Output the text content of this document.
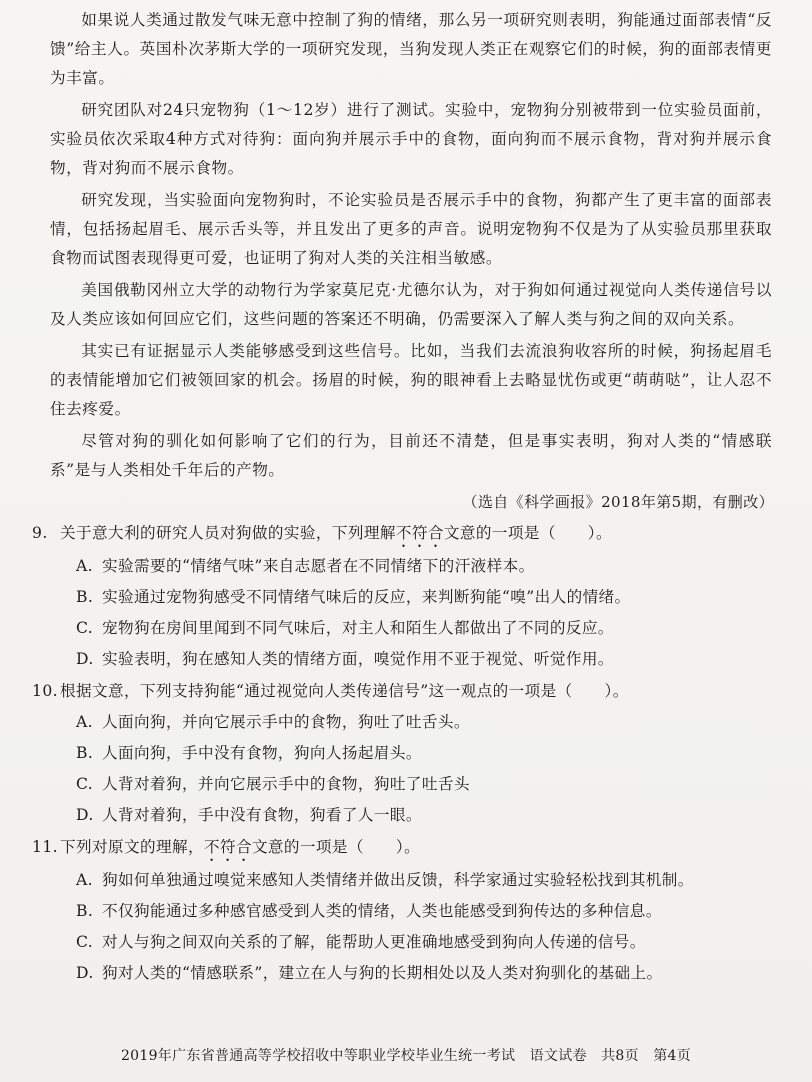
如果说人类通过散发气味无意中控制了狗的情绪，那么另一项研究则表明，狗能通过面部表情“反馈”给主人。英国朴次茅斯大学的一项研究发现，当狗发现人类正在观察它们的时候，狗的面部表情更为丰富。

研究团队对24只宠物狗（1～12岁）进行了测试。实验中，宠物狗分别被带到一位实验员面前，实验员依次采取4种方式对待狗：面向狗并展示手中的食物，面向狗而不展示食物，背对狗并展示食物，背对狗而不展示食物。

研究发现，当实验面向宠物狗时，不论实验员是否展示手中的食物，狗都产生了更丰富的面部表情，包括扬起眉毛、展示舌头等，并且发出了更多的声音。说明宠物狗不仅是为了从实验员那里获取食物而试图表现得更可爱，也证明了狗对人类的关注相当敏感。

美国俄勒冈州立大学的动物行为学家莫尼克·尤德尔认为，对于狗如何通过视觉向人类传递信号以及人类应该如何回应它们，这些问题的答案还不明确，仍需要深入了解人类与狗之间的双向关系。

其实已有证据显示人类能够感受到这些信号。比如，当我们去流浪狗收容所的时候，狗扬起眉毛的表情能增加它们被领回家的机会。扬眉的时候，狗的眼神看上去略显忧伤或更“萌萌哒”，让人忍不住去疼爱。

尽管对狗的驯化如何影响了它们的行为，目前还不清楚，但是事实表明，狗对人类的“情感联系”是与人类相处千年后的产物。

（选自《科学画报》2018年第5期，有删改）
9. 关于意大利的研究人员对狗做的实验，下列理解不符合文意的一项是（　　）。
A. 实验需要的“情绪气味”来自志愿者在不同情绪下的汗液样本。
B. 实验通过宠物狗感受不同情绪气味后的反应，来判断狗能“嗅”出人的情绪。
C. 宠物狗在房间里闻到不同气味后，对主人和陌生人都做出了不同的反应。
D. 实验表明，狗在感知人类的情绪方面，嗅觉作用不亚于视觉、听觉作用。
10. 根据文意，下列支持狗能“通过视觉向人类传递信号”这一观点的一项是（　　）。
A. 人面向狗，并向它展示手中的食物，狗吐了吐舌头。
B. 人面向狗，手中没有食物，狗向人扬起眉头。
C. 人背对着狗，并向它展示手中的食物，狗吐了吐舌头
D. 人背对着狗，手中没有食物，狗看了人一眼。
11. 下列对原文的理解，不符合文意的一项是（　　）。
A. 狗如何单独通过嗅觉来感知人类情绪并做出反馈，科学家通过实验轻松找到其机制。
B. 不仅狗能通过多种感官感受到人类的情绪，人类也能感受到狗传达的多种信息。
C. 对人与狗之间双向关系的了解，能帮助人更准确地感受到狗向人传递的信号。
D. 狗对人类的“情感联系”，建立在人与狗的长期相处以及人类对狗驯化的基础上。
2019年广东省普通高等学校招收中等职业学校毕业生统一考试　语文试卷　共8页　第4页
